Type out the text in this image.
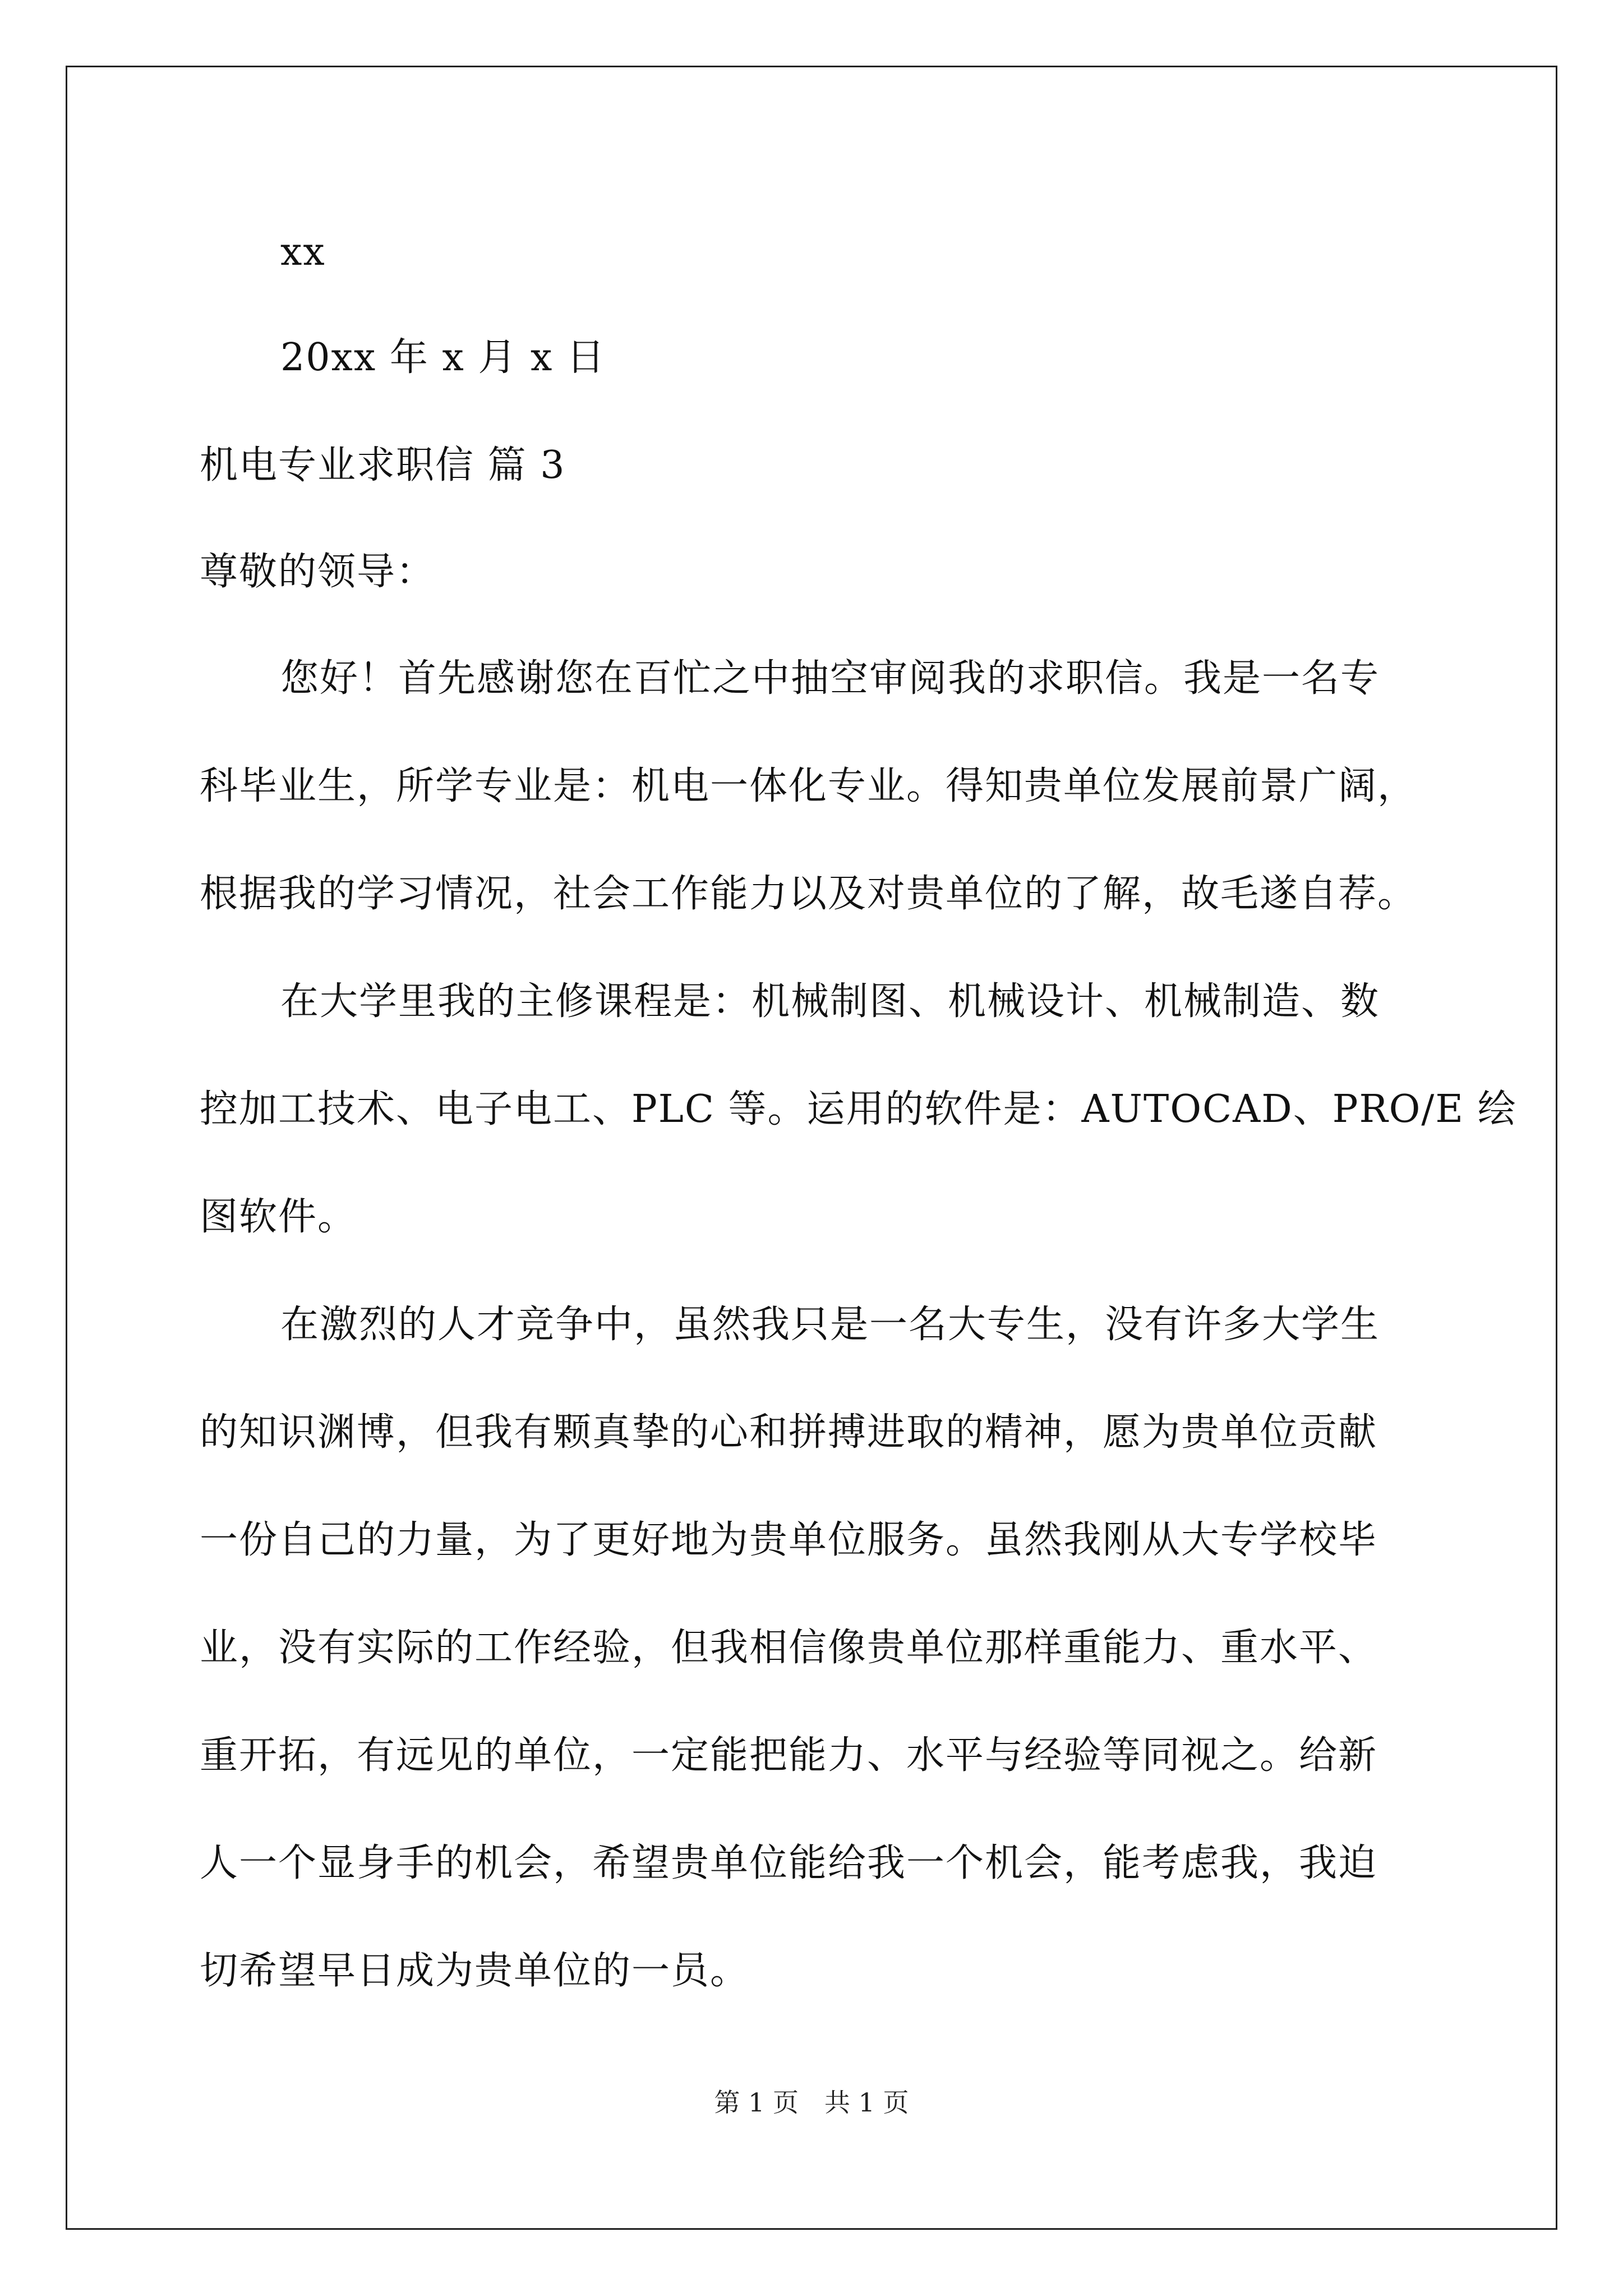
xx
20xx 年 x 月 x 日
机电专业求职信 篇 3
尊敬的领导：
您好！首先感谢您在百忙之中抽空审阅我的求职信。我是一名专
科毕业生，所学专业是：机电一体化专业。得知贵单位发展前景广阔，
根据我的学习情况，社会工作能力以及对贵单位的了解，故毛遂自荐。
在大学里我的主修课程是：机械制图、机械设计、机械制造、数
控加工技术、电子电工、PLC 等。运用的软件是：AUTOCAD、PRO/E 绘
图软件。
在激烈的人才竞争中，虽然我只是一名大专生，没有许多大学生
的知识渊博，但我有颗真挚的心和拼搏进取的精神，愿为贵单位贡献
一份自己的力量，为了更好地为贵单位服务。虽然我刚从大专学校毕
业，没有实际的工作经验，但我相信像贵单位那样重能力、重水平、
重开拓，有远见的单位，一定能把能力、水平与经验等同视之。给新
人一个显身手的机会，希望贵单位能给我一个机会，能考虑我，我迫
切希望早日成为贵单位的一员。
第 1 页　共 1 页
